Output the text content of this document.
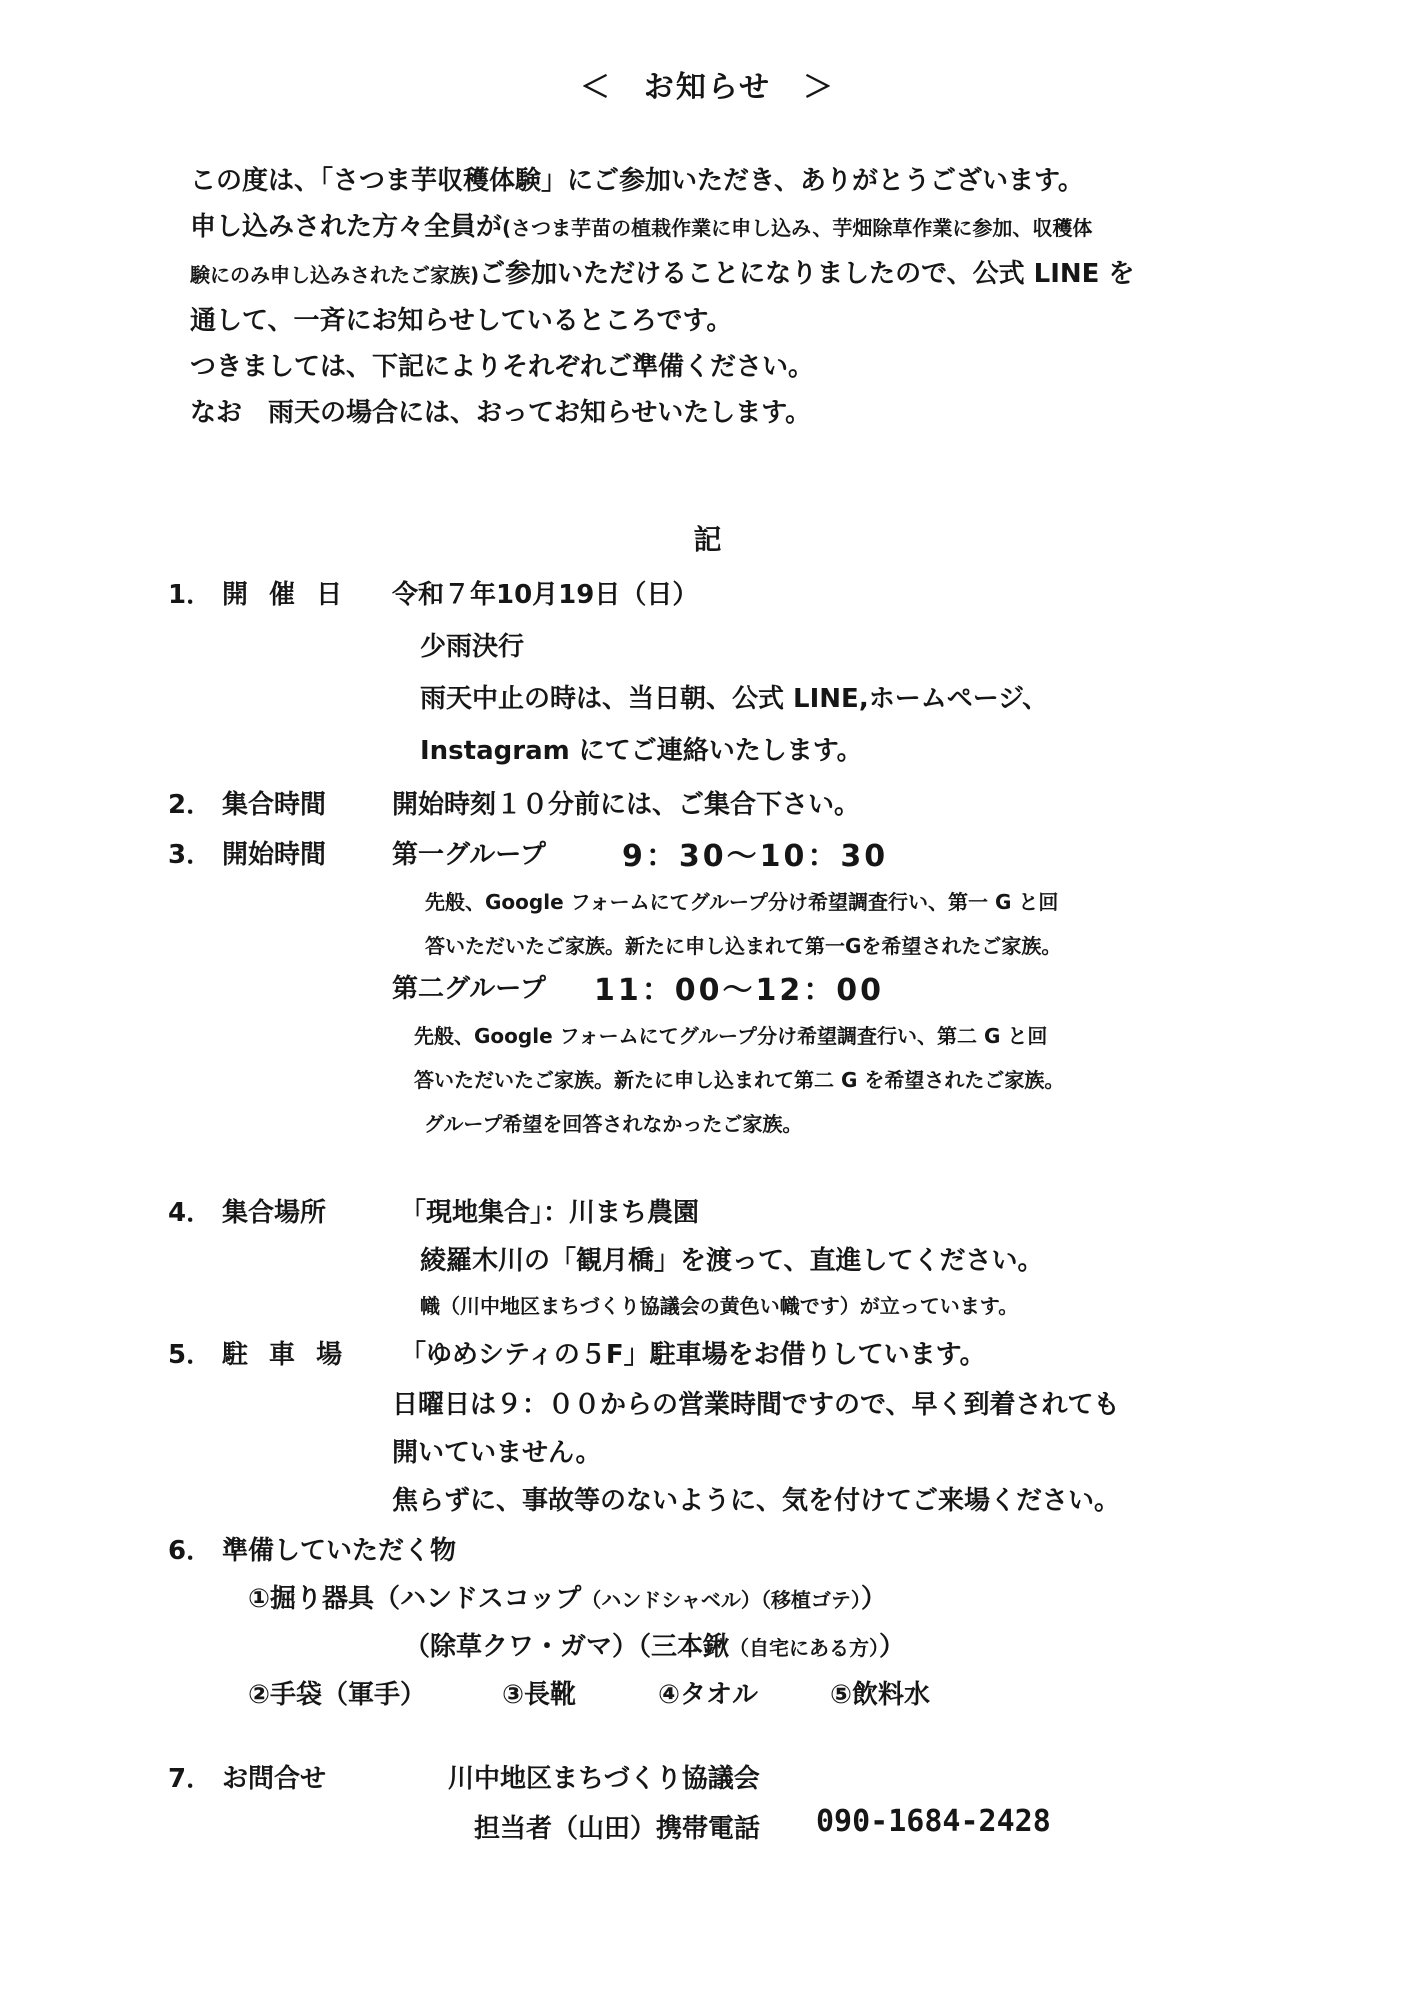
＜　お知らせ　＞
この度は、「さつま芋収穫体験」にご参加いただき、ありがとうございます。
申し込みされた方々全員が(さつま芋苗の植栽作業に申し込み、芋畑除草作業に参加、収穫体
験にのみ申し込みされたご家族)ご参加いただけることになりましたので、公式 LINE を
通して、一斉にお知らせしているところです。
つきましては、下記によりそれぞれご準備ください。
なお　雨天の場合には、おってお知らせいたします。
記
1． 開 催 日 令和７年10月19日（日）
少雨決行
雨天中止の時は、当日朝、公式 LINE,ホームページ、
Instagram にてご連絡いたします。
2． 集合時間	開始時刻１０分前には、ご集合下さい。
3． 開始時間	第一グループ	9：30～10：30
先般、Google フォームにてグループ分け希望調査行い、第一 G と回
答いただいたご家族。新たに申し込まれて第一Gを希望されたご家族。
第二グループ 11：00～12：00
先般、Google フォームにてグループ分け希望調査行い、第二 G と回
答いただいたご家族。新たに申し込まれて第二 G を希望されたご家族。
グループ希望を回答されなかったご家族。
4． 集合場所	「現地集合」：川まち農園
綾羅木川の「観月橋」を渡って、直進してください。
幟（川中地区まちづくり協議会の黄色い幟です）が立っています。
5． 駐 車 場 「ゆめシティの５F」駐車場をお借りしています。
日曜日は９：００からの営業時間ですので、早く到着されても
開いていません。
焦らずに、事故等のないように、気を付けてご来場ください。
6． 準備していただく物
①掘り器具（ハンドスコップ（ハンドシャベル）（移植ゴテ））
（除草クワ・ガマ）（三本鍬（自宅にある方））
②手袋（軍手）	③長靴	④タオル	⑤飲料水
7． お問合せ	川中地区まちづくり協議会
担当者（山田）携帯電話 090-1684-2428
